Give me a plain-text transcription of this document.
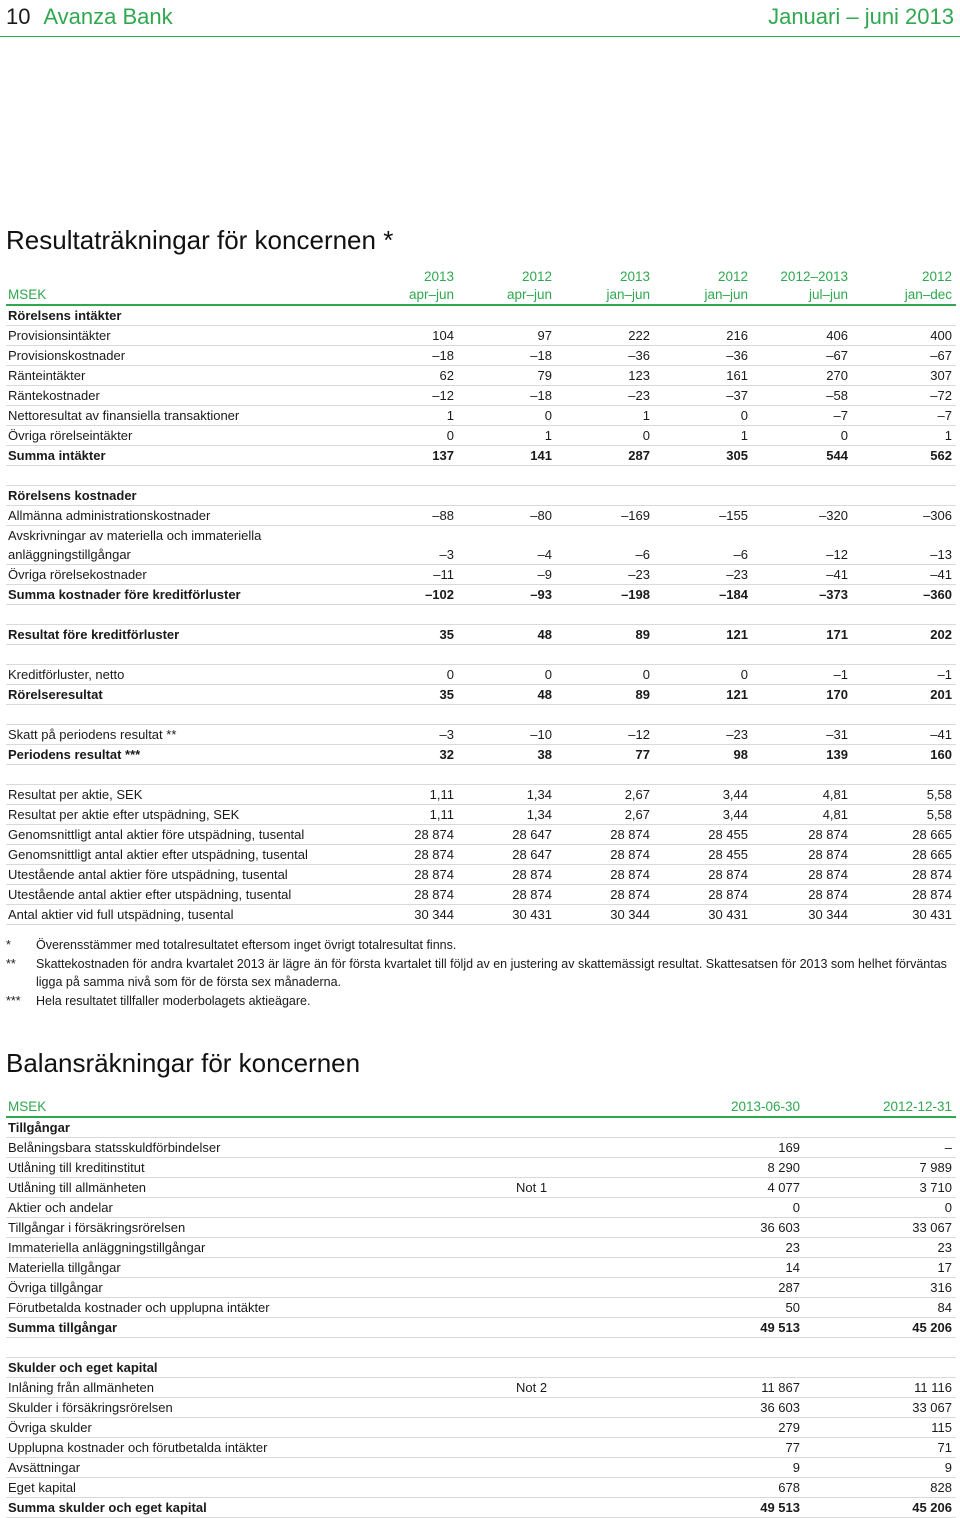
10 Avanza Bank	Januari – juni 2013
Resultaträkningar för koncernen *
	2013	2012	2013	2012	2012–2013	2012
MSEK	apr–jun	apr–jun	jan–jun	jan–jun	jul–jun	jan–dec
Rörelsens intäkter						
Provisionsintäkter	104	97	222	216	406	400
Provisionskostnader	–18	–18	–36	–36	–67	–67
Ränteintäkter	62	79	123	161	270	307
Räntekostnader	–12	–18	–23	–37	–58	–72
Nettoresultat av finansiella transaktioner	1	0	1	0	–7	–7
Övriga rörelseintäkter	0	1	0	1	0	1
Summa intäkter	137	141	287	305	544	562

Rörelsens kostnader						
Allmänna administrationskostnader	–88	–80	–169	–155	–320	–306
Avskrivningar av materiella och immateriella anläggningstillgångar	–3	–4	–6	–6	–12	–13
Övriga rörelsekostnader	–11	–9	–23	–23	–41	–41
Summa kostnader före kreditförluster	–102	–93	–198	–184	–373	–360

Resultat före kreditförluster	35	48	89	121	171	202

Kreditförluster, netto	0	0	0	0	–1	–1
Rörelseresultat	35	48	89	121	170	201

Skatt på periodens resultat **	–3	–10	–12	–23	–31	–41
Periodens resultat ***	32	38	77	98	139	160

Resultat per aktie, SEK	1,11	1,34	2,67	3,44	4,81	5,58
Resultat per aktie efter utspädning, SEK	1,11	1,34	2,67	3,44	4,81	5,58
Genomsnittligt antal aktier före utspädning, tusental	28 874	28 647	28 874	28 455	28 874	28 665
Genomsnittligt antal aktier efter utspädning, tusental	28 874	28 647	28 874	28 455	28 874	28 665
Utestående antal aktier före utspädning, tusental	28 874	28 874	28 874	28 874	28 874	28 874
Utestående antal aktier efter utspädning, tusental	28 874	28 874	28 874	28 874	28 874	28 874
Antal aktier vid full utspädning, tusental	30 344	30 431	30 344	30 431	30 344	30 431
*	Överensstämmer med totalresultatet eftersom inget övrigt totalresultat finns.
**	Skattekostnaden för andra kvartalet 2013 är lägre än för första kvartalet till följd av en justering av skattemässigt resultat. Skattesatsen för 2013 som helhet förväntas ligga på samma nivå som för de första sex månaderna.
***	Hela resultatet tillfaller moderbolagets aktieägare.
Balansräkningar för koncernen
MSEK		2013-06-30	2012-12-31
Tillgångar			
Belåningsbara statsskuldförbindelser		169	–
Utlåning till kreditinstitut		8 290	7 989
Utlåning till allmänheten	Not 1	4 077	3 710
Aktier och andelar		0	0
Tillgångar i försäkringsrörelsen		36 603	33 067
Immateriella anläggningstillgångar		23	23
Materiella tillgångar		14	17
Övriga tillgångar		287	316
Förutbetalda kostnader och upplupna intäkter		50	84
Summa tillgångar		49 513	45 206

Skulder och eget kapital			
Inlåning från allmänheten	Not 2	11 867	11 116
Skulder i försäkringsrörelsen		36 603	33 067
Övriga skulder		279	115
Upplupna kostnader och förutbetalda intäkter		77	71
Avsättningar		9	9
Eget kapital		678	828
Summa skulder och eget kapital		49 513	45 206
